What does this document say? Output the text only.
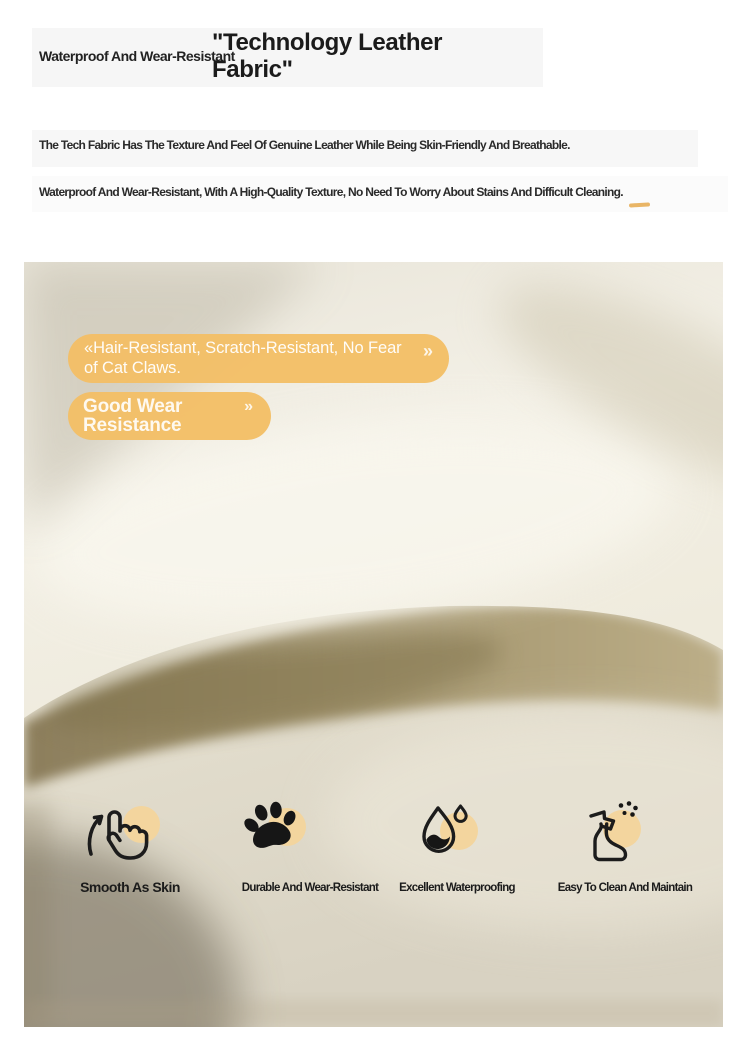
Waterproof And Wear-Resistant
"Technology Leather Fabric"

The Tech Fabric Has The Texture And Feel Of Genuine Leather While Being Skin-Friendly And Breathable.

Waterproof And Wear-Resistant, With A High-Quality Texture, No Need To Worry About Stains And Difficult Cleaning.

«Hair-Resistant, Scratch-Resistant, No Fear of Cat Claws.
»
Good Wear Resistance
»
Smooth As Skin	Durable And Wear-Resistant Excellent Waterproofing	Easy To Clean And Maintain
